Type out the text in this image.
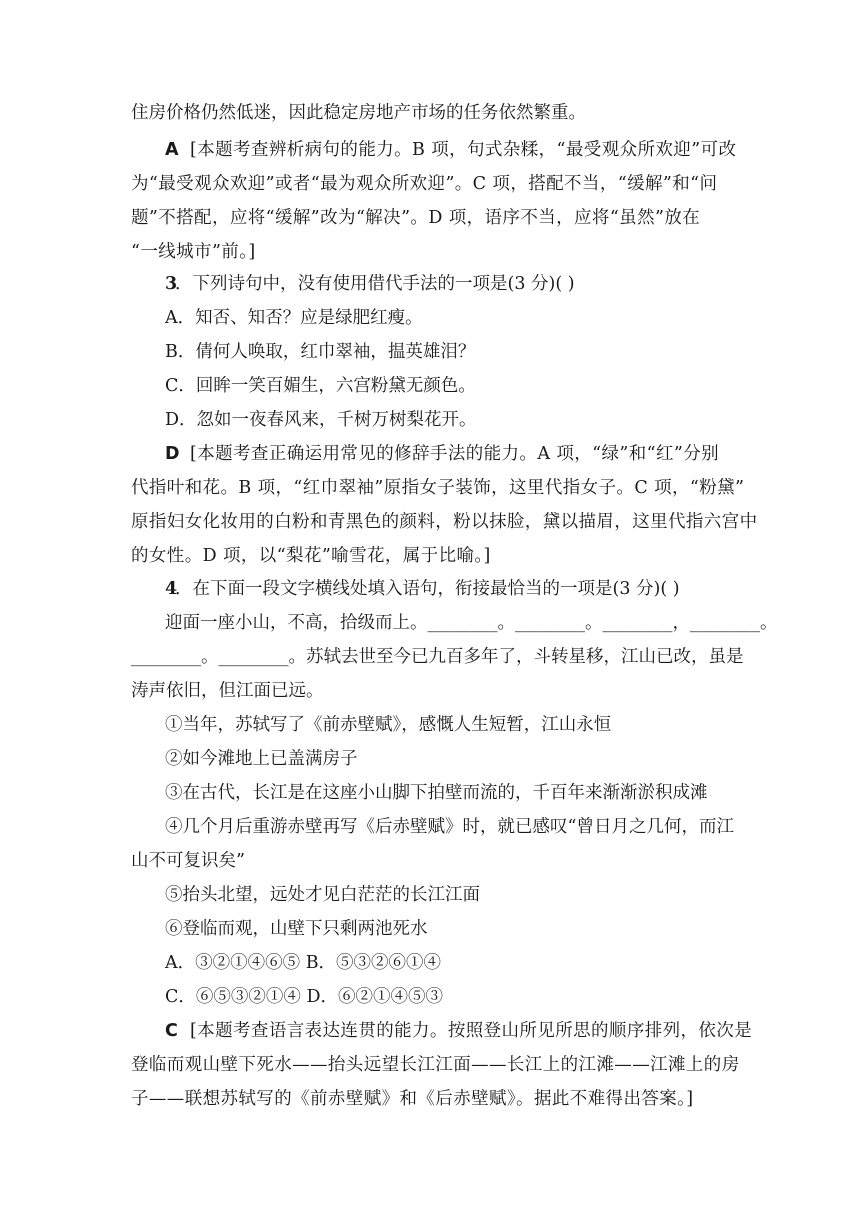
住房价格仍然低迷，因此稳定房地产市场的任务依然繁重。
A [本题考查辨析病句的能力。B 项，句式杂糅，“最受观众所欢迎”可改
为“最受观众欢迎”或者“最为观众所欢迎”。C 项，搭配不当，“缓解”和“问
题”不搭配，应将“缓解”改为“解决”。D 项，语序不当，应将“虽然”放在
“一线城市”前。]
3
．下列诗句中，没有使用借代手法的一项是(3 分)( )
A．知否、知否？应是绿肥红瘦。
B．倩何人唤取，红巾翠袖，揾英雄泪？
C．回眸一笑百媚生，六宫粉黛无颜色。
D．忽如一夜春风来，千树万树梨花开。
D [本题考查正确运用常见的修辞手法的能力。A 项，“绿”和“红”分别
代指叶和花。B 项，“红巾翠袖”原指女子装饰，这里代指女子。C 项，“粉黛”
原指妇女化妆用的白粉和青黑色的颜料，粉以抹脸，黛以描眉，这里代指六宫中
的女性。D 项，以“梨花”喻雪花，属于比喻。]
4
．在下面一段文字横线处填入语句，衔接最恰当的一项是(3 分)( )
迎面一座小山，不高，拾级而上。________。________。________，________。
________。________。苏轼去世至今已九百多年了，斗转星移，江山已改，虽是
涛声依旧，但江面已远。
①当年，苏轼写了《前赤壁赋》，感慨人生短暂，江山永恒
②如今滩地上已盖满房子
③在古代，长江是在这座小山脚下拍壁而流的，千百年来渐渐淤积成滩
④几个月后重游赤壁再写《后赤壁赋》时，就已感叹“曾日月之几何，而江
山不可复识矣”
⑤抬头北望，远处才见白茫茫的长江江面
⑥登临而观，山壁下只剩两池死水
A．③②①④⑥⑤ B．⑤③②⑥①④
C．⑥⑤③②①④ D．⑥②①④⑤③
C [本题考查语言表达连贯的能力。按照登山所见所思的顺序排列，依次是
登临而观山壁下死水——抬头远望长江江面——长江上的江滩——江滩上的房
子——联想苏轼写的《前赤壁赋》和《后赤壁赋》。据此不难得出答案。]
